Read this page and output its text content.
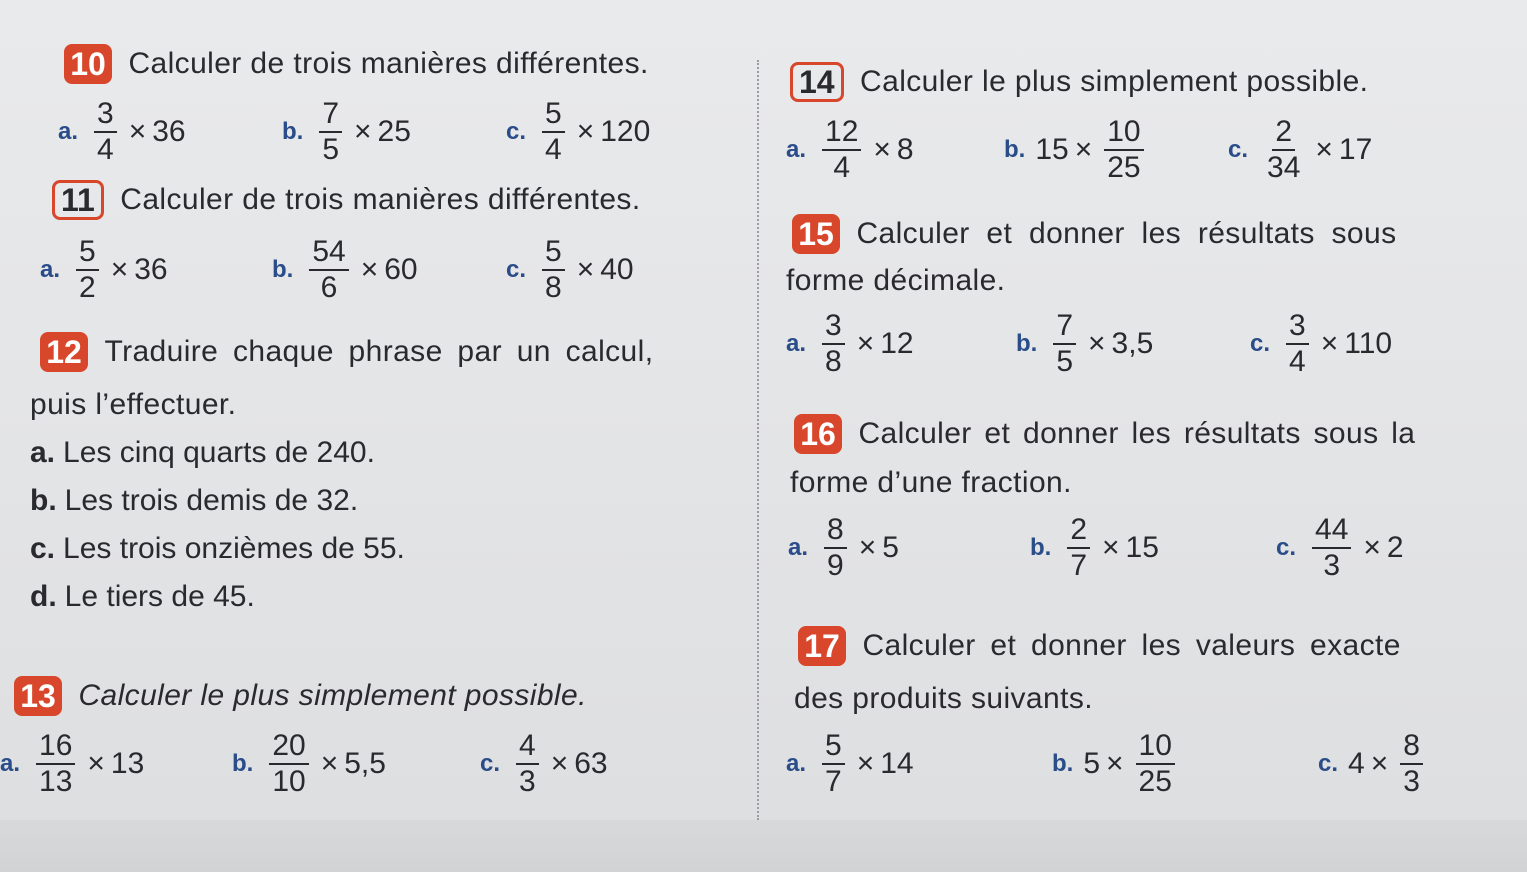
10 Calculer de trois manières différentes.
a. $\frac{3}{4} \times 36$	b. $\frac{7}{5} \times 25$	c. $\frac{5}{4} \times 120$
11 Calculer de trois manières différentes.
a. $\frac{5}{2} \times 36$	b. $\frac{54}{6} \times 60$	c. $\frac{5}{8} \times 40$
12 Traduire chaque phrase par un calcul,
puis l’effectuer.
a. Les cinq quarts de 240.
b. Les trois demis de 32.
c. Les trois onzièmes de 55.
d. Le tiers de 45.
13 Calculer le plus simplement possible.
a. $\frac{16}{13} \times 13$	b. $\frac{20}{10} \times 5,5$	c. $\frac{4}{3} \times 63$
14 Calculer le plus simplement possible.
a. $\frac{12}{4} \times 8$	b. $15 \times \frac{10}{25}$	c. $\frac{2}{34} \times 17$
15 Calculer et donner les résultats sous
forme décimale.
a. $\frac{3}{8} \times 12$	b. $\frac{7}{5} \times 3,5$	c. $\frac{3}{4} \times 110$
16 Calculer et donner les résultats sous la
forme d’une fraction.
a. $\frac{8}{9} \times 5$	b. $\frac{2}{7} \times 15$	c. $\frac{44}{3} \times 2$
17 Calculer et donner les valeurs exacte
des produits suivants.
a. $\frac{5}{7} \times 14$	b. $5 \times \frac{10}{25}$	c. $4 \times \frac{8}{3}$
